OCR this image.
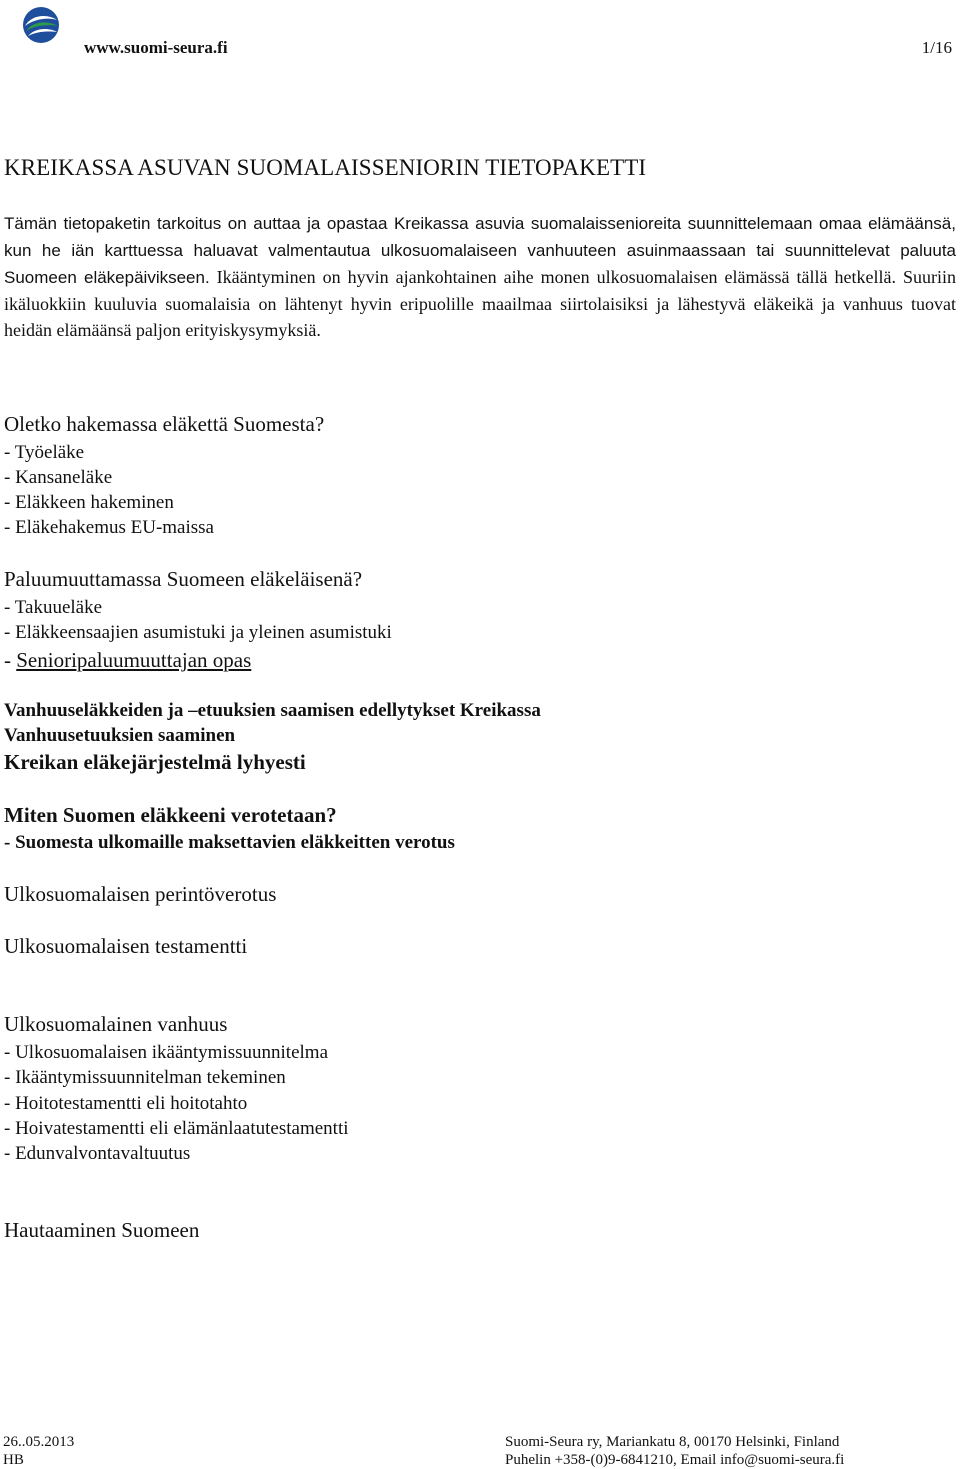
www.suomi-seura.fi	1/16
KREIKASSA ASUVAN SUOMALAISSENIORIN TIETOPAKETTI

Tämän tietopaketin tarkoitus on auttaa ja opastaa Kreikassa asuvia suomalaissenioreita suunnittelemaan omaa elämäänsä, kun he iän karttuessa haluavat valmentautua ulkosuomalaiseen vanhuuteen asuinmaassaan tai suunnittelevat paluuta Suomeen eläkepäivikseen. Ikääntyminen on hyvin ajankohtainen aihe monen ulkosuomalaisen elämässä tällä hetkellä. Suuriin ikäluokkiin kuuluvia suomalaisia on lähtenyt hyvin eripuolille maailmaa siirtolaisiksi ja lähestyvä eläkeikä ja vanhuus tuovat heidän elämäänsä paljon erityiskysymyksiä.

Oletko hakemassa eläkettä Suomesta?
- Työeläke
- Kansaneläke
- Eläkkeen hakeminen
- Eläkehakemus EU-maissa
Paluumuuttamassa Suomeen eläkeläisenä?
- Takuueläke
- Eläkkeensaajien asumistuki ja yleinen asumistuki
- Senioripaluumuuttajan opas
Vanhuuseläkkeiden ja –etuuksien saamisen edellytykset Kreikassa
Vanhuusetuuksien saaminen
Kreikan eläkejärjestelmä lyhyesti
Miten Suomen eläkkeeni verotetaan?
- Suomesta ulkomaille maksettavien eläkkeitten verotus
Ulkosuomalaisen perintöverotus
Ulkosuomalaisen testamentti
Ulkosuomalainen vanhuus
- Ulkosuomalaisen ikääntymissuunnitelma
- Ikääntymissuunnitelman tekeminen
- Hoitotestamentti eli hoitotahto
- Hoivatestamentti eli elämänlaatutestamentti
- Edunvalvontavaltuutus
Hautaaminen Suomeen
26..05.2013
HB
Suomi-Seura ry, Mariankatu 8, 00170 Helsinki, Finland
Puhelin +358-(0)9-6841210, Email info@suomi-seura.fi
